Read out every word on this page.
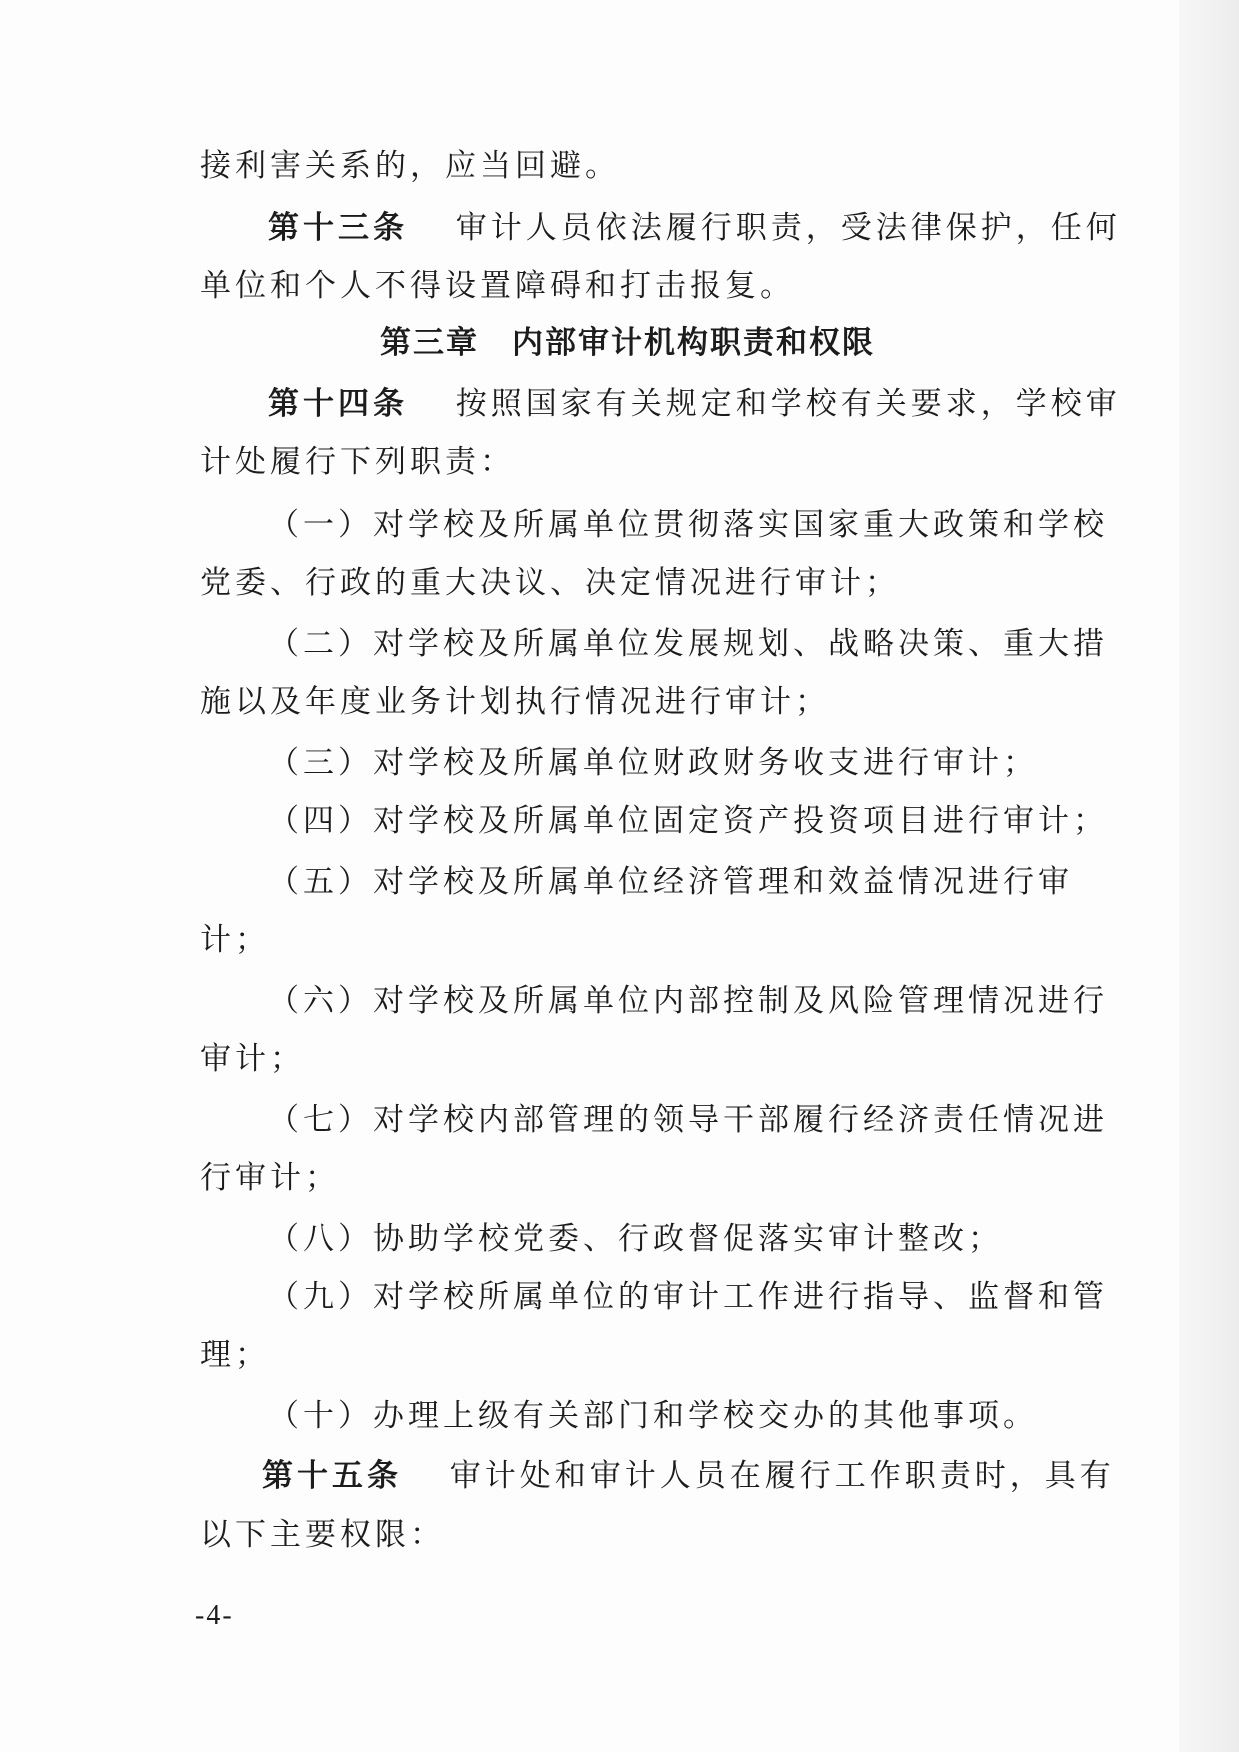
接利害关系的，应当回避。
第十三条 审计人员依法履行职责，受法律保护，任何
单位和个人不得设置障碍和打击报复。
第三章　内部审计机构职责和权限
第十四条 按照国家有关规定和学校有关要求，学校审
计处履行下列职责：
（一）对学校及所属单位贯彻落实国家重大政策和学校
党委、行政的重大决议、决定情况进行审计；
（二）对学校及所属单位发展规划、战略决策、重大措
施以及年度业务计划执行情况进行审计；
（三）对学校及所属单位财政财务收支进行审计；
（四）对学校及所属单位固定资产投资项目进行审计；
（五）对学校及所属单位经济管理和效益情况进行审
计；
（六）对学校及所属单位内部控制及风险管理情况进行
审计；
（七）对学校内部管理的领导干部履行经济责任情况进
行审计；
（八）协助学校党委、行政督促落实审计整改；
（九）对学校所属单位的审计工作进行指导、监督和管
理；
（十）办理上级有关部门和学校交办的其他事项。
第十五条 审计处和审计人员在履行工作职责时，具有
以下主要权限：
-4-
